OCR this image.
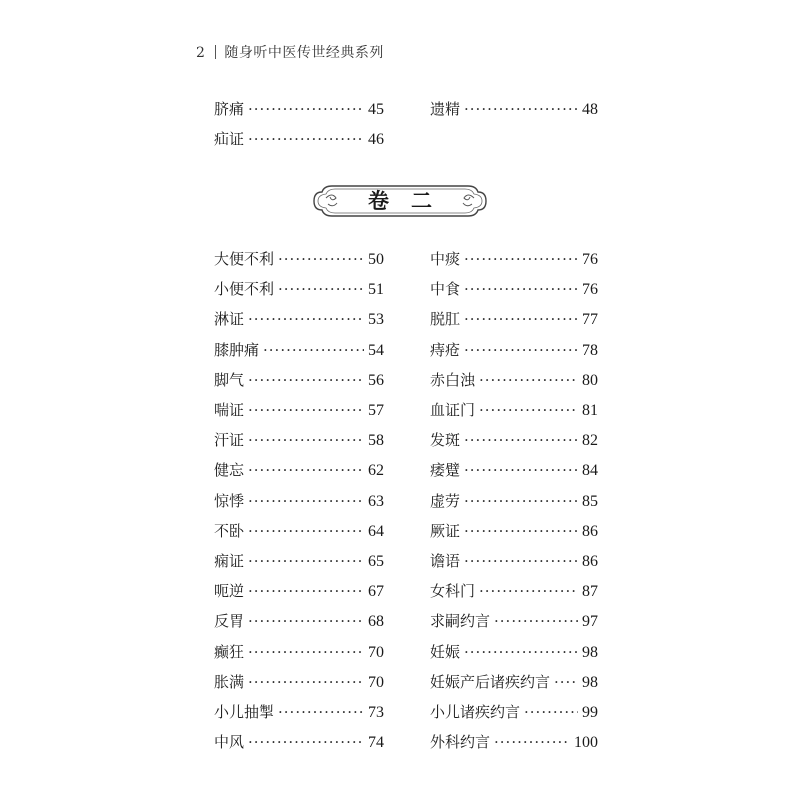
2 随身听中医传世经典系列
脐痛 ·····	45
疝证 ·····	46
遗精 ·····	48
卷二
大便不利 ·····	50
小便不利 ·····	51
淋证 ·····	53
膝肿痛 ·····	54
脚气 ·····	56
喘证 ·····	57
汗证 ·····	58
健忘 ·····	62
惊悸 ·····	63
不卧 ·····	64
痫证 ·····	65
呃逆 ·····	67
反胃 ·····	68
癫狂 ·····	70
胀满 ·····	70
小儿抽掣 ·····	73
中风 ·····	74
中痰 ·····	76
中食 ·····	76
脱肛 ·····	77
痔疮 ·····	78
赤白浊 ·····	80
血证门 ·····	81
发斑 ·····	82
痿躄 ·····	84
虚劳 ·····	85
厥证 ·····	86
谵语 ·····	86
女科门 ·····	87
求嗣约言 ·····	97
妊娠 ·····	98
妊娠产后诸疾约言 ····· 98
小儿诸疾约言 ·····	99
外科约言 ·····	100
